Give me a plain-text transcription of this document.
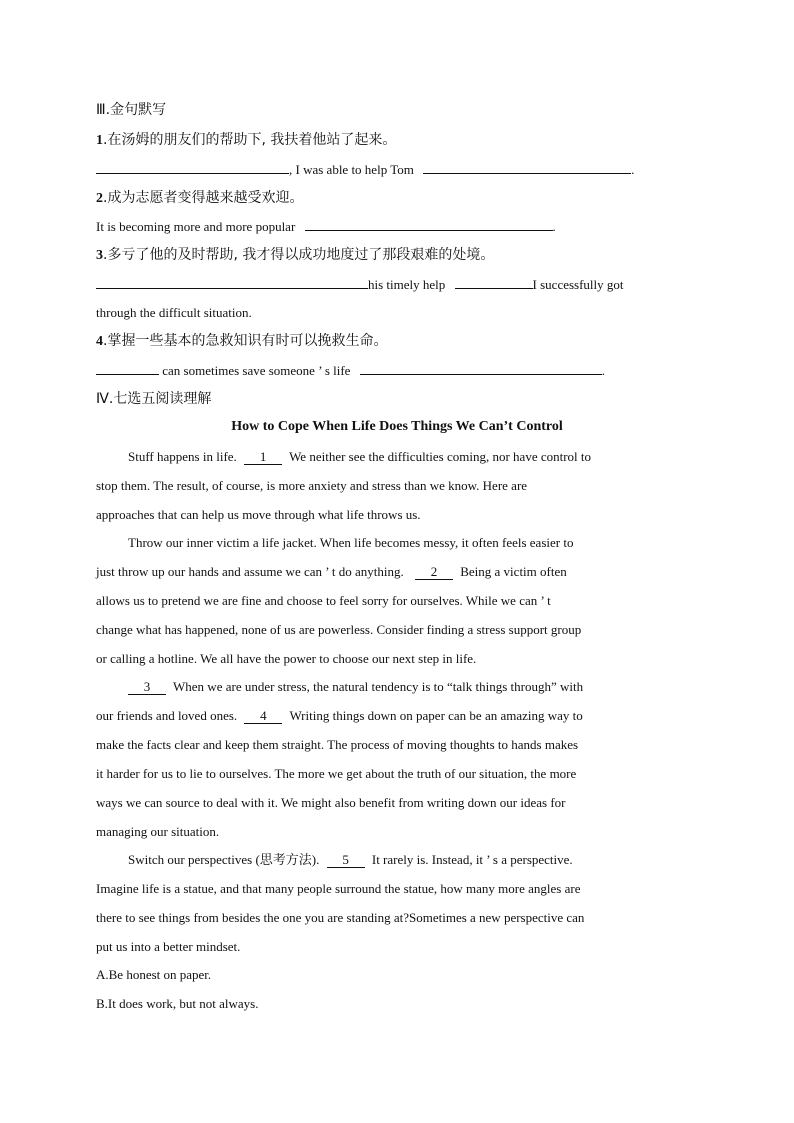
Ⅲ.金句默写
1.在汤姆的朋友们的帮助下, 我扶着他站了起来。
, I was able to help Tom	.
2.成为志愿者变得越来越受欢迎。
It is becoming more and more popular	.
3.多亏了他的及时帮助, 我才得以成功地度过了那段艰难的处境。
his timely help	I successfully got
through the difficult situation.
4.掌握一些基本的急救知识有时可以挽救生命。
can sometimes save someone ’ s life	.
Ⅳ.七选五阅读理解
How to Cope When Life Does Things We Can’t Control
Stuff happens in life. 1 We neither see the difficulties coming, nor have control to
stop them. The result, of course, is more anxiety and stress than we know. Here are
approaches that can help us move through what life throws us.
Throw our inner victim a life jacket. When life becomes messy, it often feels easier to
just throw up our hands and assume we can ’ t do anything. 2 Being a victim often
allows us to pretend we are fine and choose to feel sorry for ourselves. While we can ’ t
change what has happened, none of us are powerless. Consider finding a stress support group
or calling a hotline. We all have the power to choose our next step in life.
3 When we are under stress, the natural tendency is to “talk things through” with
our friends and loved ones. 4 Writing things down on paper can be an amazing way to
make the facts clear and keep them straight. The process of moving thoughts to hands makes
it harder for us to lie to ourselves. The more we get about the truth of our situation, the more
ways we can source to deal with it. We might also benefit from writing down our ideas for
managing our situation.
Switch our perspectives (思考方法). 5 It rarely is. Instead, it ’ s a perspective.
Imagine life is a statue, and that many people surround the statue, how many more angles are
there to see things from besides the one you are standing at?Sometimes a new perspective can
put us into a better mindset.
A.Be honest on paper.
B.It does work, but not always.
